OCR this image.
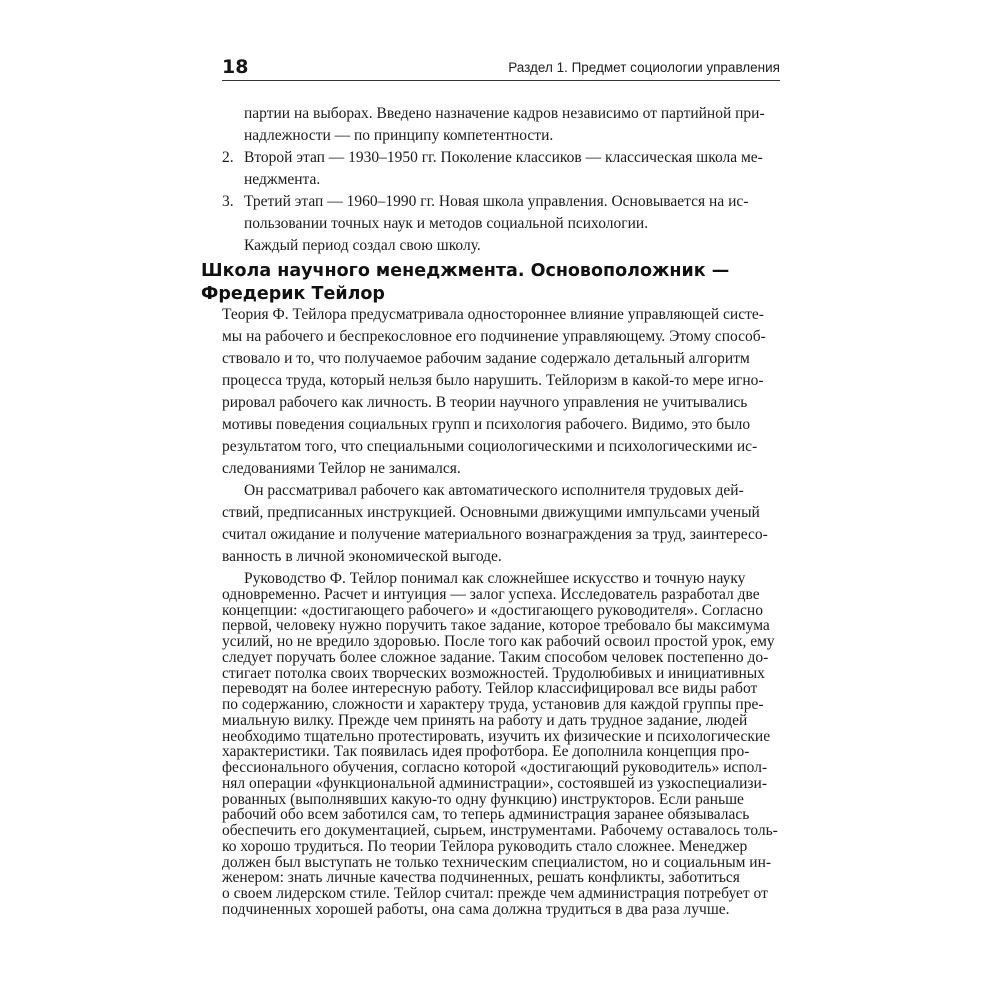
18	Раздел 1. Предмет социологии управления
партии на выборах. Введено назначение кадров независимо от партийной при-
надлежности — по принципу компетентности.
2. Второй этап — 1930–1950 гг. Поколение классиков — классическая школа ме-
неджмента.
3. Третий этап — 1960–1990 гг. Новая школа управления. Основывается на ис-
пользовании точных наук и методов социальной психологии.
Каждый период создал свою школу.
Школа научного менеджмента. Основоположник —
Фредерик Тейлор
Теория Ф. Тейлора предусматривала одностороннее влияние управляющей систе-
мы на рабочего и беспрекословное его подчинение управляющему. Этому способ-
ствовало и то, что получаемое рабочим задание содержало детальный алгоритм
процесса труда, который нельзя было нарушить. Тейлоризм в какой-то мере игно-
рировал рабочего как личность. В теории научного управления не учитывались
мотивы поведения социальных групп и психология рабочего. Видимо, это было
результатом того, что специальными социологическими и психологическими ис-
следованиями Тейлор не занимался.
Он рассматривал рабочего как автоматического исполнителя трудовых дей-
ствий, предписанных инструкцией. Основными движущими импульсами ученый
считал ожидание и получение материального вознаграждения за труд, заинтересо-
ванность в личной экономической выгоде.
Руководство Ф. Тейлор понимал как сложнейшее искусство и точную науку
одновременно. Расчет и интуиция — залог успеха. Исследователь разработал две
концепции: «достигающего рабочего» и «достигающего руководителя». Согласно
первой, человеку нужно поручить такое задание, которое требовало бы максимума
усилий, но не вредило здоровью. После того как рабочий освоил простой урок, ему
следует поручать более сложное задание. Таким способом человек постепенно до-
стигает потолка своих творческих возможностей. Трудолюбивых и инициативных
переводят на более интересную работу. Тейлор классифицировал все виды работ
по содержанию, сложности и характеру труда, установив для каждой группы пре-
миальную вилку. Прежде чем принять на работу и дать трудное задание, людей
необходимо тщательно протестировать, изучить их физические и психологические
характеристики. Так появилась идея профотбора. Ее дополнила концепция про-
фессионального обучения, согласно которой «достигающий руководитель» испол-
нял операции «функциональной администрации», состоявшей из узкоспециализи-
рованных (выполнявших какую-то одну функцию) инструкторов. Если раньше
рабочий обо всем заботился сам, то теперь администрация заранее обязывалась
обеспечить его документацией, сырьем, инструментами. Рабочему оставалось толь-
ко хорошо трудиться. По теории Тейлора руководить стало сложнее. Менеджер
должен был выступать не только техническим специалистом, но и социальным ин-
женером: знать личные качества подчиненных, решать конфликты, заботиться
о своем лидерском стиле. Тейлор считал: прежде чем администрация потребует от
подчиненных хорошей работы, она сама должна трудиться в два раза лучше.
